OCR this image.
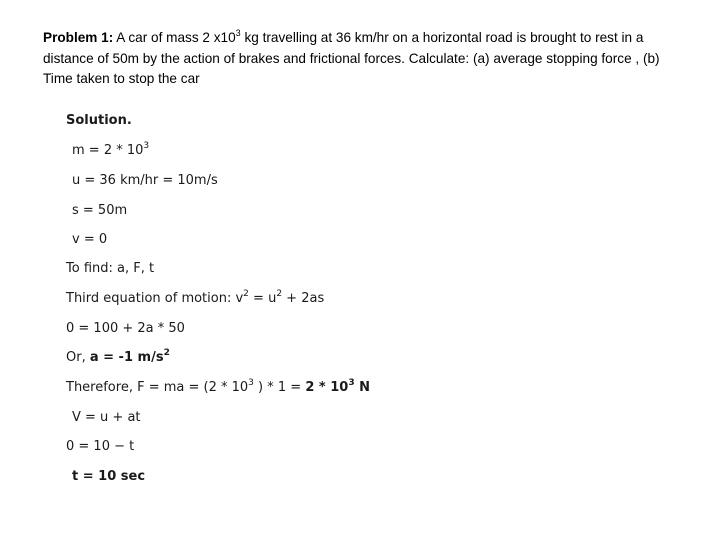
Problem 1: A car of mass 2 $x10^3$ kg travelling at 36 km/hr on a horizontal road is brought to rest in a distance of 50m by the action of brakes and frictional forces. Calculate: (a) average stopping force , (b) Time taken to stop the car
Solution.
$m = 2 * 10^3$
u = 36 km/hr = 10m/s
s = 50m
v = 0
To find: a, F, t
Third equation of motion: $v^2 = u^2 + 2as$
0 = 100 + 2a * 50
Or, a = -1 $m/s^2$
Therefore, F = ma = ($2 * 10^3$ ) * $1 = 2 * 10^3$ N
V = u + at
0 = 10 − t
t = 10 sec
